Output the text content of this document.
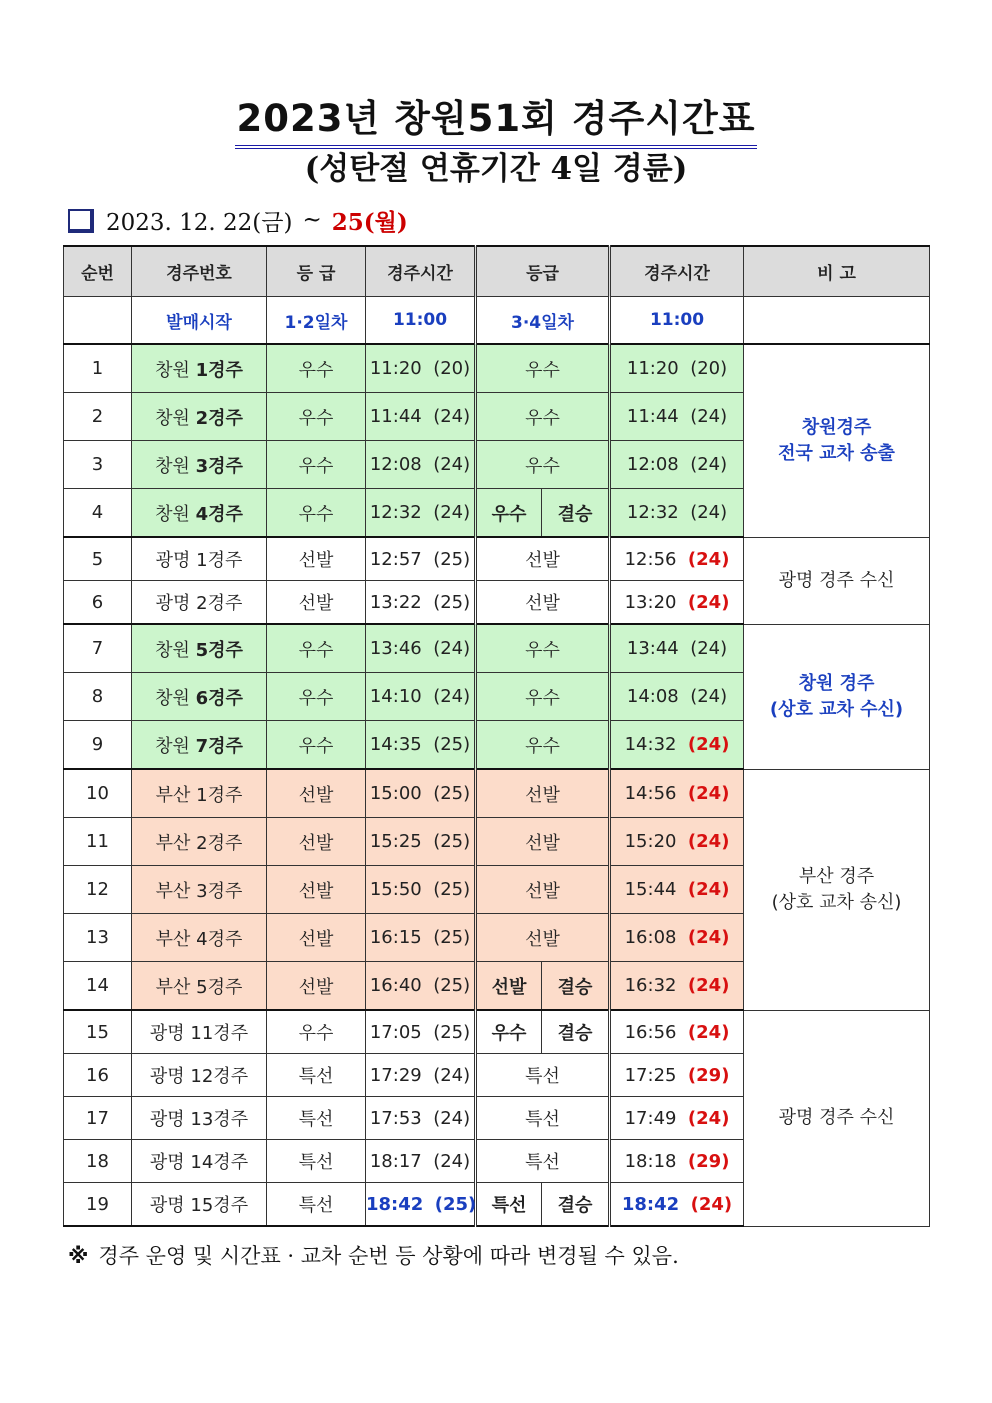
2023년 창원51회 경주시간표
(성탄절 연휴기간 4일 경륜)
2023. 12. 22(금) ~ 25(월)
순번	경주번호	등 급	경주시간	등급		경주시간	비 고
	발매시작	1·2일차	11:00	3·4일차		11:00	
1	창원 1경주	우수	11:20 (20)	우수		11:20 (20)	창원경주
전국 교차 송출

2	창원 2경주	우수	11:44 (24)	우수		11:44 (24)	
3	창원 3경주	우수	12:08 (24)	우수		12:08 (24)	
4	창원 4경주	우수	12:32 (24)	우수	결승	12:32 (24)	
5	광명 1경주	선발	12:57 (25)	선발		12:56 (24)	광명 경주 수신

6	광명 2경주	선발	13:22 (25)	선발		13:20 (24)	
7	창원 5경주	우수	13:46 (24)	우수		13:44 (24)	창원 경주
(상호 교차 수신)

8	창원 6경주	우수	14:10 (24)	우수		14:08 (24)	
9	창원 7경주	우수	14:35 (25)	우수		14:32 (24)	
10	부산 1경주	선발	15:00 (25)	선발		14:56 (24)	부산 경주
(상호 교차 송신)

11	부산 2경주	선발	15:25 (25)	선발		15:20 (24)	
12	부산 3경주	선발	15:50 (25)	선발		15:44 (24)	
13	부산 4경주	선발	16:15 (25)	선발		16:08 (24)	
14	부산 5경주	선발	16:40 (25)	선발	결승	16:32 (24)	
15	광명 11경주	우수	17:05 (25)	우수	결승	16:56 (24)	광명 경주 수신

16	광명 12경주	특선	17:29 (24)	특선		17:25 (29)	
17	광명 13경주	특선	17:53 (24)	특선		17:49 (24)	
18	광명 14경주	특선	18:17 (24)	특선		18:18 (29)	
19	광명 15경주	특선	18:42 (25)	특선	결승	18:42 (24)	
※ 경주 운영 및 시간표 · 교차 순번 등 상황에 따라 변경될 수 있음.
